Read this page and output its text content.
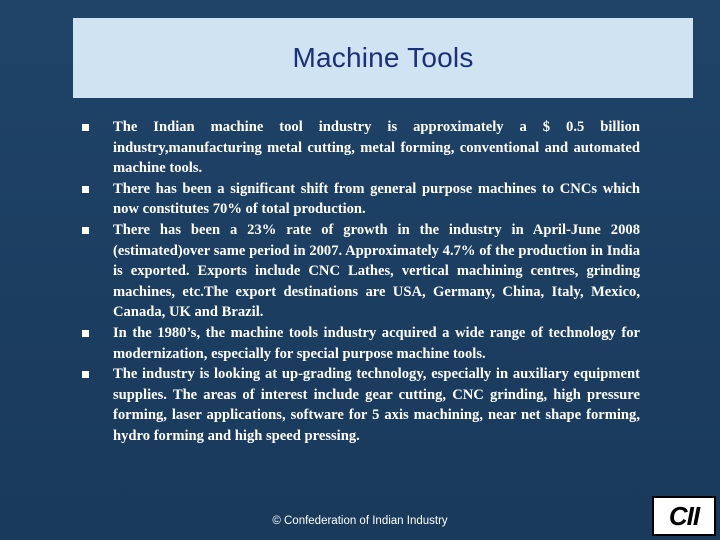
Machine Tools
The Indian machine tool industry is approximately a $ 0.5 billion industry,manufacturing metal cutting, metal forming, conventional and automated machine tools.
There has been a significant shift from general purpose machines to CNCs which now constitutes 70% of total production.
There has been a 23% rate of growth in the industry in April-June 2008 (estimated)over same period in 2007. Approximately 4.7% of the production in India is exported. Exports include CNC Lathes, vertical machining centres, grinding machines, etc.The export destinations are USA, Germany, China, Italy, Mexico, Canada, UK and Brazil.
In the 1980’s, the machine tools industry acquired a wide range of technology for modernization, especially for special purpose machine tools.
The industry is looking at up-grading technology, especially in auxiliary equipment supplies. The areas of interest include gear cutting, CNC grinding, high pressure forming, laser applications, software for 5 axis machining, near net shape forming, hydro forming and high speed pressing.
© Confederation of Indian Industry	CII
